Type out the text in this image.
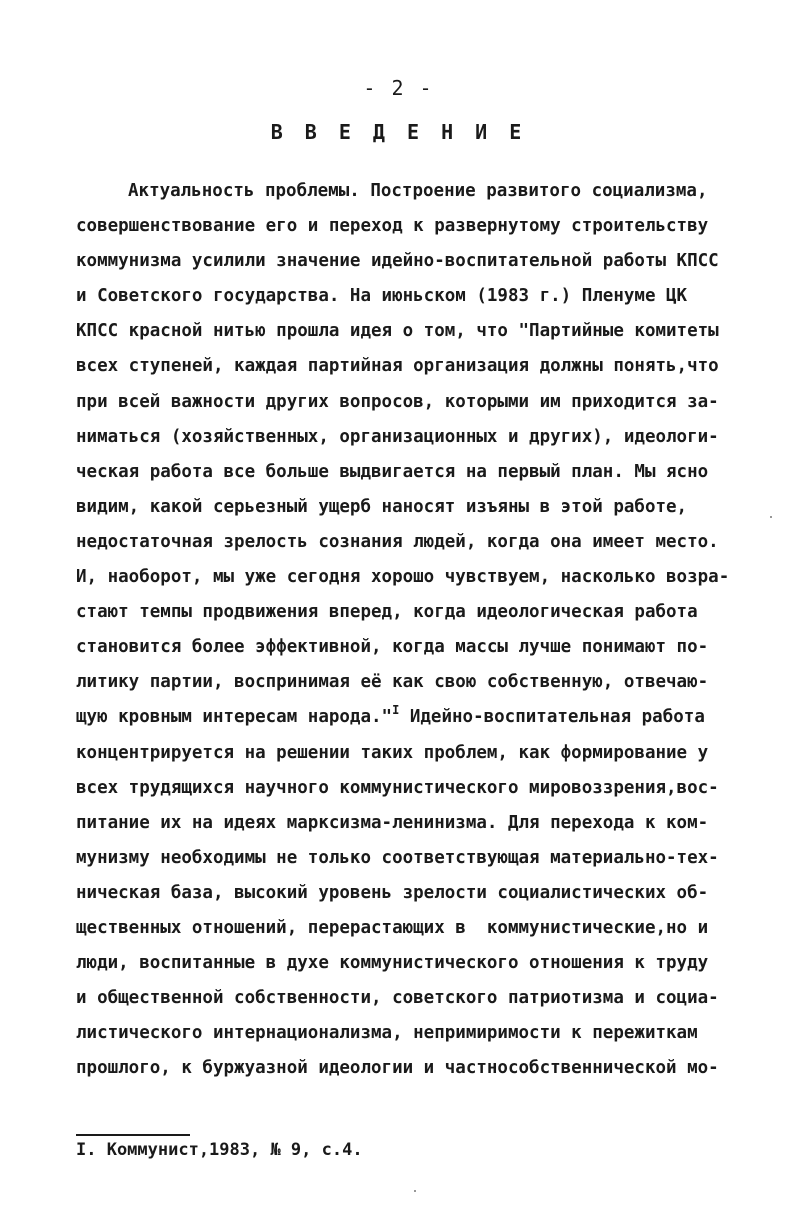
- 2 -
В В Е Д Е Н И Е
Актуальность проблемы. Построение развитого социализма,
совершенствование его и переход к развернутому строительству
коммунизма усилили значение идейно-воспитательной работы КПСС
и Советского государства. На июньском (1983 г.) Пленуме ЦК
КПСС красной нитью прошла идея о том, что "Партийные комитеты
всех ступеней, каждая партийная организация должны понять,что
при всей важности других вопросов, которыми им приходится за-
ниматься (хозяйственных, организационных и других), идеологи-
ческая работа все больше выдвигается на первый план. Мы ясно
видим, какой серьезный ущерб наносят изъяны в этой работе,
недостаточная зрелость сознания людей, когда она имеет место.
И, наоборот, мы уже сегодня хорошо чувствуем, насколько возра-
стают темпы продвижения вперед, когда идеологическая работа
становится более эффективной, когда массы лучше понимают по-
литику партии, воспринимая её как свою собственную, отвечаю-
щую кровным интересам народа."$^I$ Идейно-воспитательная работа
концентрируется на решении таких проблем, как формирование у
всех трудящихся научного коммунистического мировоззрения,вос-
питание их на идеях марксизма-ленинизма. Для перехода к ком-
мунизму необходимы не только соответствующая материально-тех-
ническая база, высокий уровень зрелости социалистических об-
щественных отношений, перерастающих в  коммунистические,но и
люди, воспитанные в духе коммунистического отношения к труду
и общественной собственности, советского патриотизма и социа-
листического интернационализма, непримиримости к пережиткам
прошлого, к буржуазной идеологии и частнособственнической мо-
I. Коммунист,1983, № 9, с.4.
